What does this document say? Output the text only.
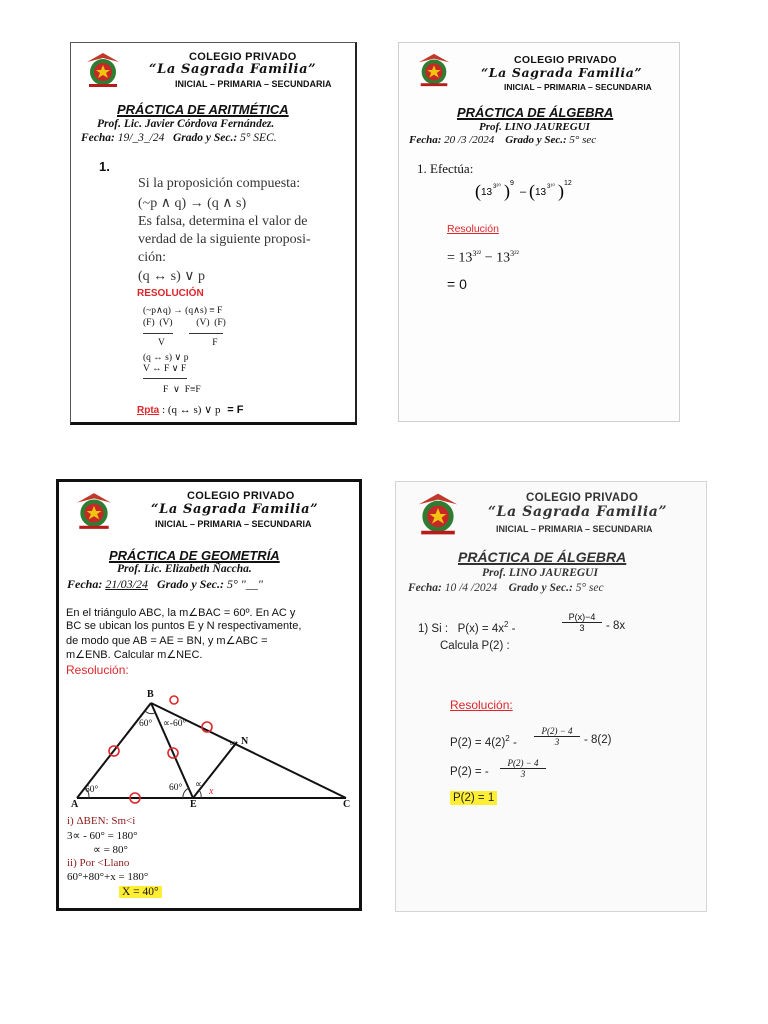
COLEGIO PRIVADO
“La Sagrada Familia”
INICIAL – PRIMARIA – SECUNDARIA
PRÁCTICA DE ARITMÉTICA
Prof. Lic. Javier Córdova Fernández.
Fecha: 19/_3_/24 Grado y Sec.: 5° SEC.
1.
Si la proposición compuesta:
(~p ∧ q) → (q ∧ s)
Es falsa, determina el valor de
verdad de la siguiente proposi-
ción:
(q ↔ s) ∨ p
RESOLUCIÓN
(~p∧q) → (q∧s) ≡ F
(F)  (V)          (V)  (F)
V                    F
(q ↔ s) ∨ p
V ↔ F ∨ F
F  ∨  F≡F
Rpta : (q ↔ s) ∨ p = F
COLEGIO PRIVADO
“La Sagrada Familia”
INICIAL – PRIMARIA – SECUNDARIA
PRÁCTICA DE ÁLGEBRA
Prof. LINO JAUREGUI
Fecha: 20 /3 /2024 Grado y Sec.: 5° sec
1. Efectúa:
( 13 3²⁰ ) 9
– ( 13 3¹⁰ ) 12
Resolución
= $13^{3^{22}} - 13^{3^{22}}$
= 0
COLEGIO PRIVADO
“La Sagrada Familia”
INICIAL – PRIMARIA – SECUNDARIA
PRÁCTICA DE GEOMETRÍA
Prof. Lic. Elizabeth Ñaccha.
Fecha: 21/03/24 Grado y Sec.: 5° "__"
En el triángulo ABC, la m∠BAC = 60º. En AC y
BC se ubican los puntos E y N respectivamente,
de modo que AB = AE = BN, y m∠ABC =
m∠ENB. Calcular m∠NEC.
Resolución:
A
B
C
E
N
60°
60° ∝-60°
∝
60° ∝
x
i) ΔBEN: Sm<i
3∝ - 60° = 180°
∝ = 80°
ii) Por <Llano
60°+80°+x = 180°
X = 40°
COLEGIO PRIVADO
“La Sagrada Familia”
INICIAL – PRIMARIA – SECUNDARIA
PRÁCTICA DE ÁLGEBRA
Prof. LINO JAUREGUI
Fecha: 10 /4 /2024 Grado y Sec.: 5° sec
1) Si : $P(x) = 4x^2$ -	$\frac{P(x)-4}{3} - 8x$
Calcula P(2) :
Resolución:
$P(2) = 4(2)^2 - \frac{P(2) - 4}{3} - 8(2)$
P(2) = - $\frac{P(2) - 4}{3}$
P(2) = 1
